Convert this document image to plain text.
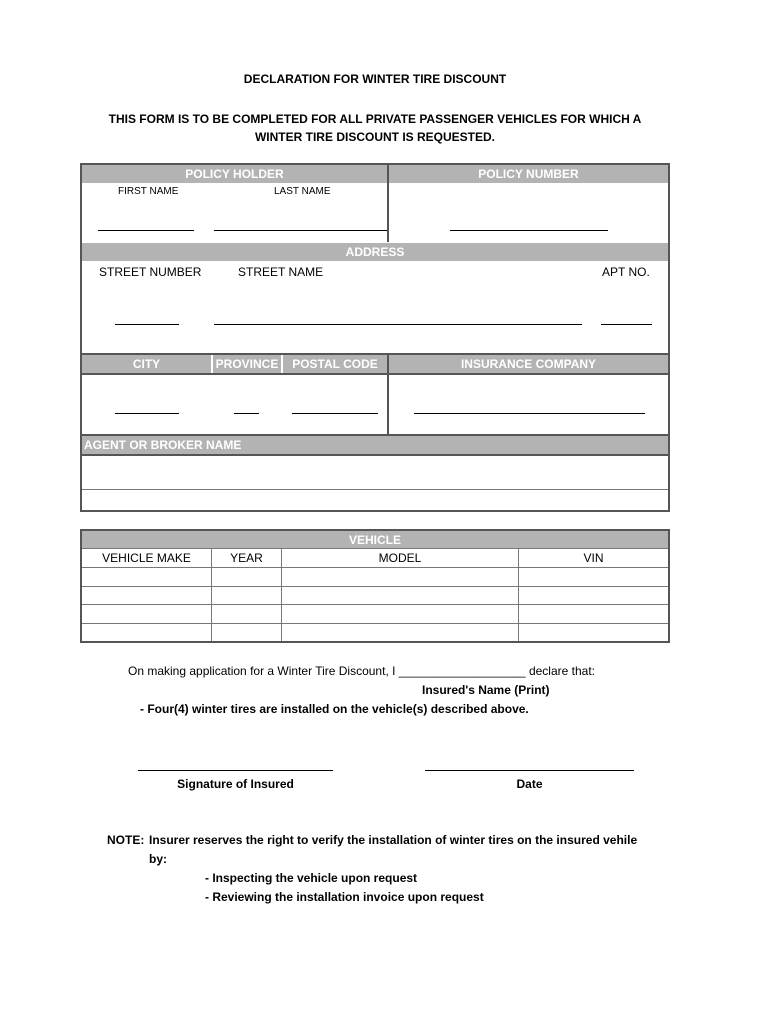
DECLARATION FOR WINTER TIRE DISCOUNT
THIS FORM IS TO BE COMPLETED FOR ALL PRIVATE PASSENGER VEHICLES FOR WHICH A WINTER TIRE DISCOUNT IS REQUESTED.
POLICY HOLDER	POLICY NUMBER
FIRST NAME	LAST NAME
ADDRESS
STREET NUMBER	STREET NAME	APT NO.
CITY	PROVINCE	POSTAL CODE	INSURANCE COMPANY
AGENT OR BROKER NAME
VEHICLE
VEHICLE MAKE	YEAR	MODEL	VIN
On making application for a Winter Tire Discount, I ___________________ declare that:
Insured's Name (Print)
- Four(4) winter tires are installed on the vehicle(s) described above.
Signature of Insured	Date
NOTE: Insurer reserves the right to verify the installation of winter tires on the insured vehile
by:
- Inspecting the vehicle upon request
- Reviewing the installation invoice upon request
